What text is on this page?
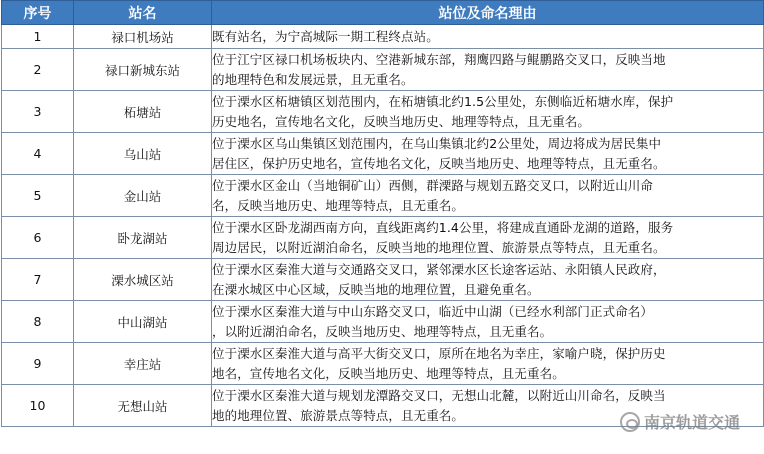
序号	站名	站位及命名理由
1	禄口机场站	既有站名，为宁高城际一期工程终点站。

2	禄口新城东站	位于江宁区禄口机场板块内、空港新城东部，翔鹰四路与鲲鹏路交叉口，反映当地
的地理特色和发展远景，且无重名。

3	柘塘站	位于溧水区柘塘镇区划范围内，在柘塘镇北约1.5公里处，东侧临近柘塘水库，保护
历史地名，宣传地名文化，反映当地历史、地理等特点，且无重名。

4	乌山站	位于溧水区乌山集镇区划范围内，在乌山集镇北约2公里处，周边将成为居民集中
居住区，保护历史地名，宣传地名文化，反映当地历史、地理等特点，且无重名。

5	金山站	位于溧水区金山（当地铜矿山）西侧，群溧路与规划五路交叉口，以附近山川命
名，反映当地历史、地理等特点，且无重名。

6	卧龙湖站	位于溧水区卧龙湖西南方向，直线距离约1.4公里，将建成直通卧龙湖的道路，服务
周边居民，以附近湖泊命名，反映当地的地理位置、旅游景点等特点，且无重名。

7	溧水城区站	位于溧水区秦淮大道与交通路交叉口，紧邻溧水区长途客运站、永阳镇人民政府，
在溧水城区中心区域，反映当地的地理位置，且避免重名。

8	中山湖站	位于溧水区秦淮大道与中山东路交叉口，临近中山湖（已经水利部门正式命名）
，以附近湖泊命名，反映当地历史、地理等特点，且无重名。

9	幸庄站	位于溧水区秦淮大道与高平大街交叉口，原所在地名为幸庄，家喻户晓，保护历史
地名，宣传地名文化，反映当地历史、地理等特点，且无重名。

10	无想山站	位于溧水区秦淮大道与规划龙潭路交叉口，无想山北麓，以附近山川命名，反映当
地的地理位置、旅游景点等特点，且无重名。	南京轨道交通
